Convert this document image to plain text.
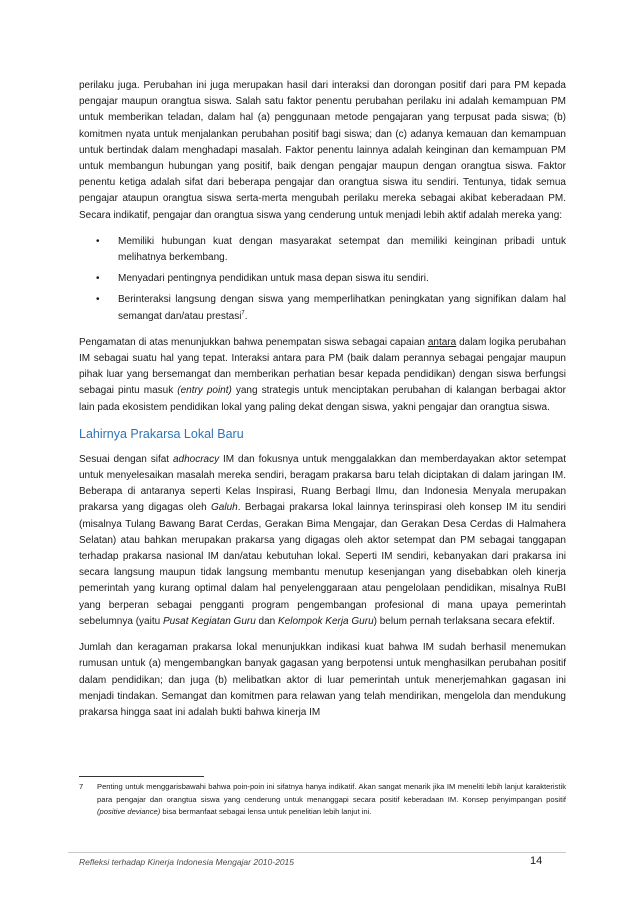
perilaku juga. Perubahan ini juga merupakan hasil dari interaksi dan dorongan positif dari para PM kepada pengajar maupun orangtua siswa. Salah satu faktor penentu perubahan perilaku ini adalah kemampuan PM untuk memberikan teladan, dalam hal (a) penggunaan metode pengajaran yang terpusat pada siswa; (b) komitmen nyata untuk menjalankan perubahan positif bagi siswa; dan (c) adanya kemauan dan kemampuan untuk bertindak dalam menghadapi masalah. Faktor penentu lainnya adalah keinginan dan kemampuan PM untuk membangun hubungan yang positif, baik dengan pengajar maupun dengan orangtua siswa. Faktor penentu ketiga adalah sifat dari beberapa pengajar dan orangtua siswa itu sendiri. Tentunya, tidak semua pengajar ataupun orangtua siswa serta-merta mengubah perilaku mereka sebagai akibat keberadaan PM. Secara indikatif, pengajar dan orangtua siswa yang cenderung untuk menjadi lebih aktif adalah mereka yang:

• Memiliki hubungan kuat dengan masyarakat setempat dan memiliki keinginan pribadi untuk melihatnya berkembang.
• Menyadari pentingnya pendidikan untuk masa depan siswa itu sendiri.
• Berinteraksi langsung dengan siswa yang memperlihatkan peningkatan yang signifikan dalam hal semangat dan/atau prestasi$^7$.

Pengamatan di atas menunjukkan bahwa penempatan siswa sebagai capaian antara dalam logika perubahan IM sebagai suatu hal yang tepat. Interaksi antara para PM (baik dalam perannya sebagai pengajar maupun pihak luar yang bersemangat dan memberikan perhatian besar kepada pendidikan) dengan siswa berfungsi sebagai pintu masuk (entry point) yang strategis untuk menciptakan perubahan di kalangan berbagai aktor lain pada ekosistem pendidikan lokal yang paling dekat dengan siswa, yakni pengajar dan orangtua siswa.

Lahirnya Prakarsa Lokal Baru

Sesuai dengan sifat adhocracy IM dan fokusnya untuk menggalakkan dan memberdayakan aktor setempat untuk menyelesaikan masalah mereka sendiri, beragam prakarsa baru telah diciptakan di dalam jaringan IM. Beberapa di antaranya seperti Kelas Inspirasi, Ruang Berbagi Ilmu, dan Indonesia Menyala merupakan prakarsa yang digagas oleh Galuh. Berbagai prakarsa lokal lainnya terinspirasi oleh konsep IM itu sendiri (misalnya Tulang Bawang Barat Cerdas, Gerakan Bima Mengajar, dan Gerakan Desa Cerdas di Halmahera Selatan) atau bahkan merupakan prakarsa yang digagas oleh aktor setempat dan PM sebagai tanggapan terhadap prakarsa nasional IM dan/atau kebutuhan lokal. Seperti IM sendiri, kebanyakan dari prakarsa ini secara langsung maupun tidak langsung membantu menutup kesenjangan yang disebabkan oleh kinerja pemerintah yang kurang optimal dalam hal penyelenggaraan atau pengelolaan pendidikan, misalnya RuBI yang berperan sebagai pengganti program pengembangan profesional di mana upaya pemerintah sebelumnya (yaitu Pusat Kegiatan Guru dan Kelompok Kerja Guru) belum pernah terlaksana secara efektif.

Jumlah dan keragaman prakarsa lokal menunjukkan indikasi kuat bahwa IM sudah berhasil menemukan rumusan untuk (a) mengembangkan banyak gagasan yang berpotensi untuk menghasilkan perubahan positif dalam pendidikan; dan juga (b) melibatkan aktor di luar pemerintah untuk menerjemahkan gagasan ini menjadi tindakan. Semangat dan komitmen para relawan yang telah mendirikan, mengelola dan mendukung prakarsa hingga saat ini adalah bukti bahwa kinerja IM

7 Penting untuk menggarisbawahi bahwa poin-poin ini sifatnya hanya indikatif. Akan sangat menarik jika IM meneliti lebih lanjut karakteristik para pengajar dan orangtua siswa yang cenderung untuk menanggapi secara positif keberadaan IM. Konsep penyimpangan positif (positive deviance) bisa bermanfaat sebagai lensa untuk penelitian lebih lanjut ini.
Refleksi terhadap Kinerja Indonesia Mengajar 2010-2015	14
